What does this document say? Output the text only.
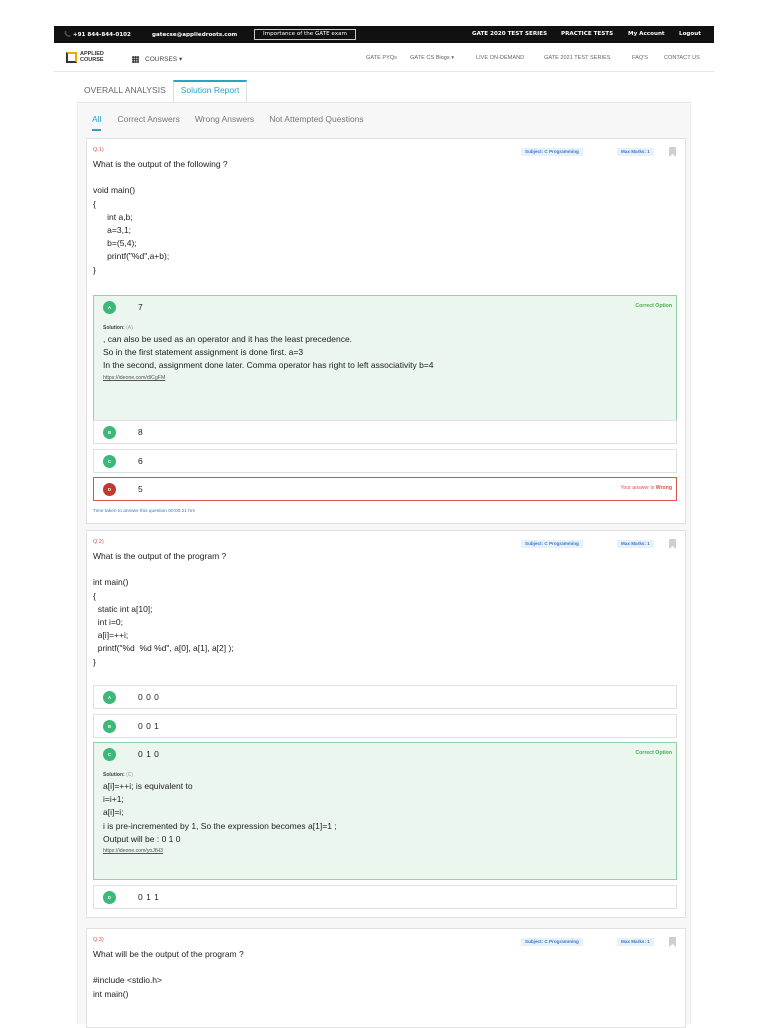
📞 +91 844-844-0102	gatecse@appliedroots.com	Importance of the GATE exam	GATE 2020 TEST SERIES PRACTICE TESTS	My Account	Logout
APPLIED
COURSE	COURSES ▾	GATE PYQs GATE CS Blogs ▾	LIVE ON-DEMAND	GATE 2021 TEST SERIES	FAQ'S	CONTACT US
OVERALL ANALYSIS	Solution Report
All Correct Answers Wrong Answers Not Attempted Questions
Q.1)
What is the output of the following ?

void main()
{
int a,b;
a=3,1;
b=(5,4);
printf("%d",a+b);
}
Subject: C Programming	Max Marks: 1
A	7	Correct Option
Solution: (A)
, can also be used as an operator and it has the least precedence.
So in the first statement assignment is done first. a=3
In the second, assignment done later. Comma operator has right to left associativity b=4
https://ideone.com/dICgFM
B	8
C	6
D	5	Your answer is Wrong
Time taken to answer this question 00:00:21 hrs
Q.2)
What is the output of the program ?

int main()
{
static int a[10];
int i=0;
a[i]=++i;
printf("%d  %d %d", a[0], a[1], a[2] );
}
Subject: C Programming	Max Marks: 1
A	0 0 0
B	0 0 1
C	0 1 0	Correct Option
Solution: (C)
a[i]=++i; is equivalent to
i=i+1;
a[i]=i;
i is pre-incremented by 1, So the expression becomes a[1]=1 ;
Output will be : 0 1 0
https://ideone.com/yoJfH3
D	0 1 1
Q.3)
What will be the output of the program ?

#include <stdio.h>
int main()
Subject: C Programming	Max Marks: 1
